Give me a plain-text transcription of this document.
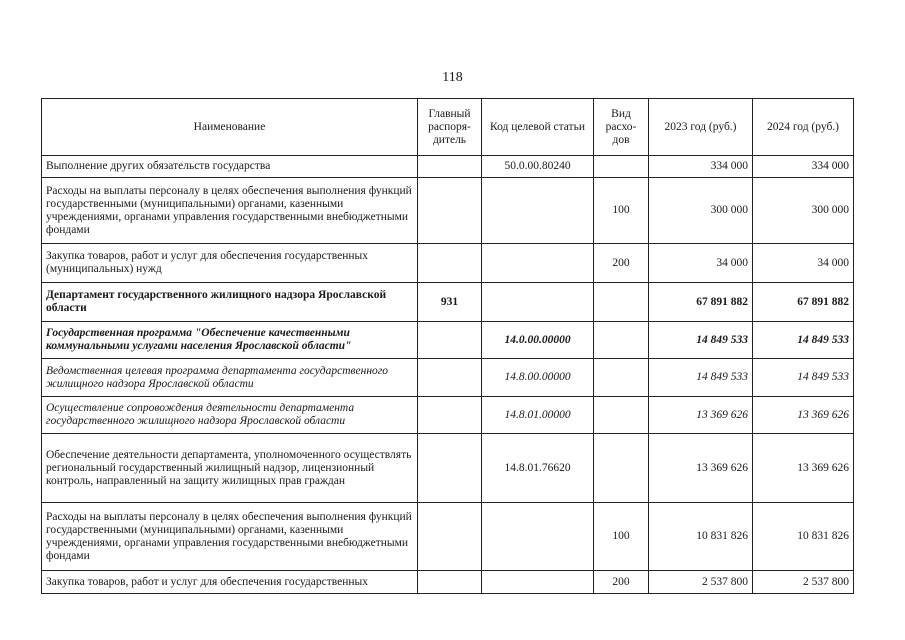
118
Наименование	Главный распоря-дитель	Код целевой статьи	Вид расхо-дов	2023 год (руб.)	2024 год (руб.)
Выполнение других обязательств государства		50.0.00.80240		334 000	334 000
Расходы на выплаты персоналу в целях обеспечения выполнения функций государственными (муниципальными) органами, казенными учреждениями, органами управления государственными внебюджетными фондами			100	300 000	300 000
Закупка товаров, работ и услуг для обеспечения государственных (муниципальных) нужд			200	34 000	34 000
Департамент государственного жилищного надзора Ярославской области	931			67 891 882	67 891 882
Государственная программа "Обеспечение качественными коммунальными услугами населения Ярославской области"		14.0.00.00000		14 849 533	14 849 533
Ведомственная целевая программа департамента государственного жилищного надзора Ярославской области		14.8.00.00000		14 849 533	14 849 533
Осуществление сопровождения деятельности департамента государственного жилищного надзора Ярославской области		14.8.01.00000		13 369 626	13 369 626
Обеспечение деятельности департамента, уполномоченного осуществлять региональный государственный жилищный надзор, лицензионный контроль, направленный на защиту жилищных прав граждан		14.8.01.76620		13 369 626	13 369 626
Расходы на выплаты персоналу в целях обеспечения выполнения функций государственными (муниципальными) органами, казенными учреждениями, органами управления государственными внебюджетными фондами			100	10 831 826	10 831 826
Закупка товаров, работ и услуг для обеспечения государственных			200	2 537 800	2 537 800
